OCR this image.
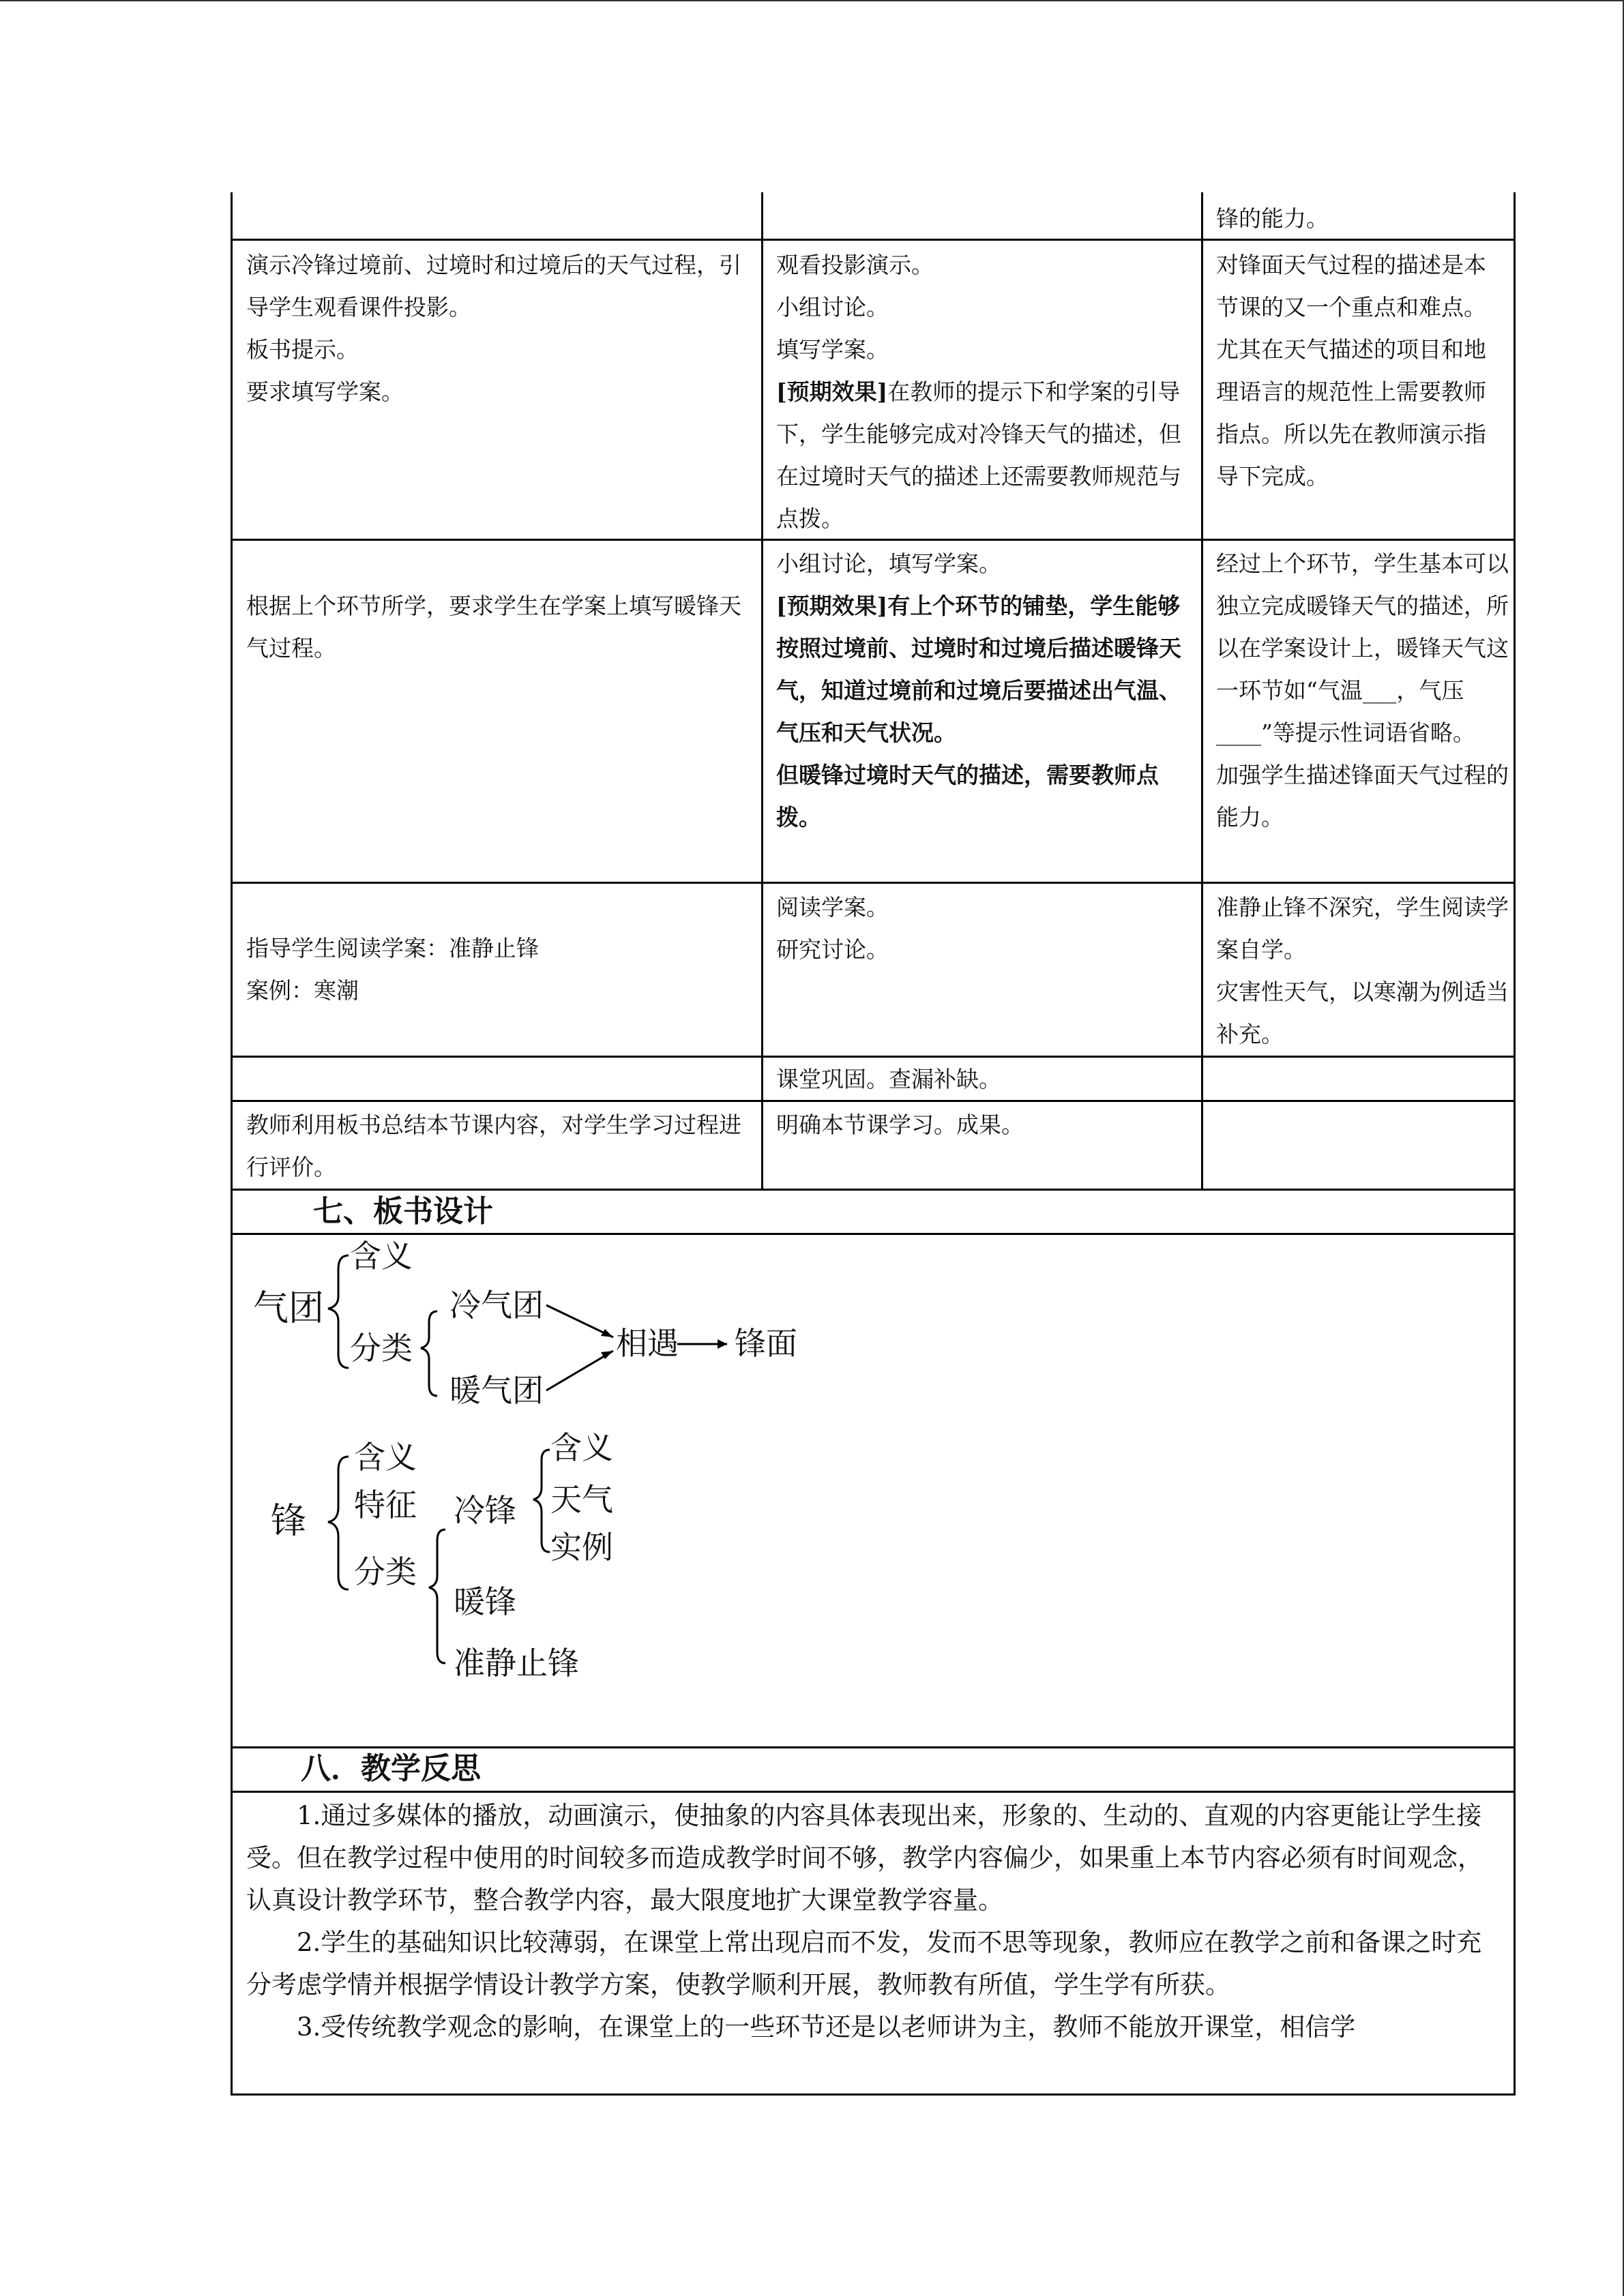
锋的能力。

演示冷锋过境前、过境时和过境后的天气过程，引导学生观看课件投影。

板书提示。

要求填写学案。

观看投影演示。

小组讨论。

填写学案。

[预期效果]在教师的提示下和学案的引导下，学生能够完成对冷锋天气的描述，但在过境时天气的描述上还需要教师规范与点拨。

对锋面天气过程的描述是本节课的又一个重点和难点。尤其在天气描述的项目和地理语言的规范性上需要教师指点。所以先在教师演示指导下完成。

根据上个环节所学，要求学生在学案上填写暖锋天气过程。

小组讨论，填写学案。

[预期效果]有上个环节的铺垫，学生能够按照过境前、过境时和过境后描述暖锋天气，知道过境前和过境后要描述出气温、气压和天气状况。

但暖锋过境时天气的描述，需要教师点拨。

经过上个环节，学生基本可以独立完成暖锋天气的描述，所以在学案设计上，暖锋天气这一环节如“气温___，气压____”等提示性词语省略。

加强学生描述锋面天气过程的能力。

指导学生阅读学案：准静止锋

案例：寒潮

阅读学案。

研究讨论。

准静止锋不深究，学生阅读学案自学。

灾害性天气，以寒潮为例适当补充。

课堂巩固。查漏补缺。

教师利用板书总结本节课内容，对学生学习过程进行评价。

明确本节课学习。成果。

七、板书设计
含义
气团	冷气团
分类	相遇 锋面
暖气团
含义
含义
天气
特征 冷锋
锋
实例
分类
暖锋
准静止锋
八．教学反思

1.通过多媒体的播放，动画演示，使抽象的内容具体表现出来，形象的、生动的、直观的内容更能让学生接受。但在教学过程中使用的时间较多而造成教学时间不够，教学内容偏少，如果重上本节内容必须有时间观念，认真设计教学环节，整合教学内容，最大限度地扩大课堂教学容量。

2.学生的基础知识比较薄弱，在课堂上常出现启而不发，发而不思等现象，教师应在教学之前和备课之时充分考虑学情并根据学情设计教学方案，使教学顺利开展，教师教有所值，学生学有所获。

3.受传统教学观念的影响，在课堂上的一些环节还是以老师讲为主，教师不能放开课堂，相信学
